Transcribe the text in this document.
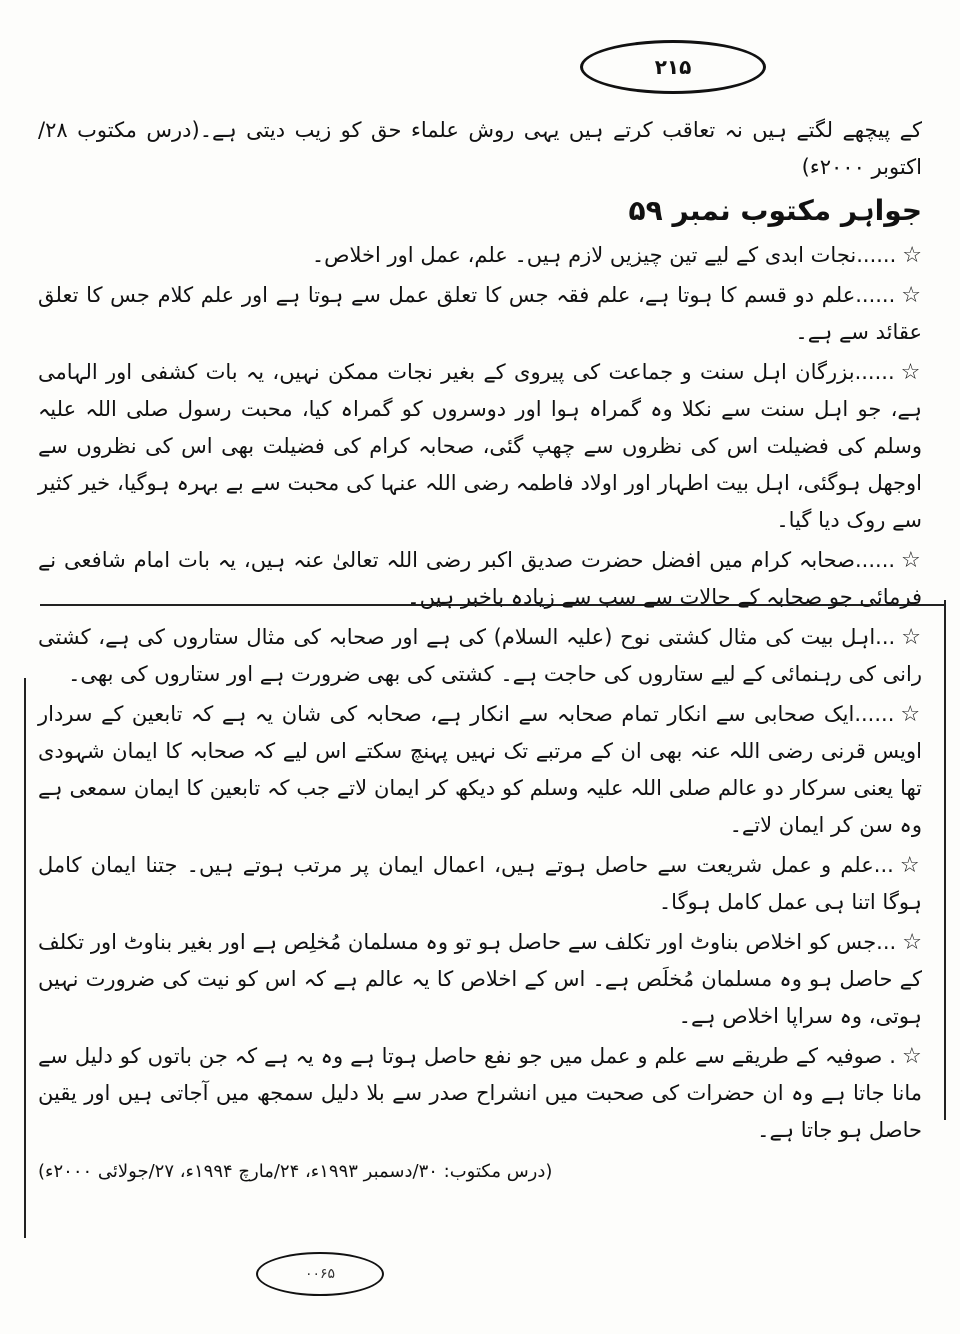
۲۱۵

کے پیچھے لگتے ہیں نہ تعاقب کرتے ہیں یہی روش علماء حق کو زیب دیتی ہے۔(درس مکتوب ۲۸/اکتوبر ۲۰۰۰ء)

جواہر مکتوب نمبر ۵۹

☆......نجات ابدی کے لیے تین چیزیں لازم ہیں۔ علم، عمل اور اخلاص۔

☆......علم دو قسم کا ہوتا ہے، علم فقہ جس کا تعلق عمل سے ہوتا ہے اور علم کلام جس کا تعلق عقائد سے ہے۔

☆......بزرگان اہل سنت و جماعت کی پیروی کے بغیر نجات ممکن نہیں، یہ بات کشفی اور الہامی ہے، جو اہل سنت سے نکلا وہ گمراہ ہوا اور دوسروں کو گمراہ کیا، محبت رسول صلی اللہ علیہ وسلم کی فضیلت اس کی نظروں سے چھپ گئی، صحابہ کرام کی فضیلت بھی اس کی نظروں سے اوجھل ہوگئی، اہل بیت اطہار اور اولاد فاطمہ رضی اللہ عنہا کی محبت سے بے بہرہ ہوگیا، خیر کثیر سے روک دیا گیا۔

☆......صحابہ کرام میں افضل حضرت صدیق اکبر رضی اللہ تعالیٰ عنہ ہیں، یہ بات امام شافعی نے فرمائی جو صحابہ کے حالات سے سب سے زیادہ باخبر ہیں۔

☆...اہل بیت کی مثال کشتی نوح (علیہ السلام) کی ہے اور صحابہ کی مثال ستاروں کی ہے، کشتی رانی کی رہنمائی کے لیے ستاروں کی حاجت ہے۔ کشتی کی بھی ضرورت ہے اور ستاروں کی بھی۔

☆......ایک صحابی سے انکار تمام صحابہ سے انکار ہے، صحابہ کی شان یہ ہے کہ تابعین کے سردار اویس قرنی رضی اللہ عنہ بھی ان کے مرتبے تک نہیں پہنچ سکتے اس لیے کہ صحابہ کا ایمان شہودی تھا یعنی سرکار دو عالم صلی اللہ علیہ وسلم کو دیکھ کر ایمان لاتے جب کہ تابعین کا ایمان سمعی ہے وہ سن کر ایمان لاتے۔

☆...علم و عمل شریعت سے حاصل ہوتے ہیں، اعمال ایمان پر مرتب ہوتے ہیں۔ جتنا ایمان کامل ہوگا اتنا ہی عمل کامل ہوگا۔

☆...جس کو اخلاص بناوٹ اور تکلف سے حاصل ہو تو وہ مسلمان مُخلِص ہے اور بغیر بناوٹ اور تکلف کے حاصل ہو وہ مسلمان مُخلَص ہے۔ اس کے اخلاص کا یہ عالم ہے کہ اس کو نیت کی ضرورت نہیں ہوتی، وہ سراپا اخلاص ہے۔

☆. صوفیہ کے طریقے سے علم و عمل میں جو نفع حاصل ہوتا ہے وہ یہ ہے کہ جن باتوں کو دلیل سے مانا جاتا ہے وہ ان حضرات کی صحبت میں انشراح صدر سے بلا دلیل سمجھ میں آجاتی ہیں اور یقین حاصل ہو جاتا ہے۔

(درس مکتوب: ۳۰/دسمبر ۱۹۹۳ء، ۲۴/مارچ ۱۹۹۴ء، ۲۷/جولائی ۲۰۰۰ء)

۰۰۶۵
